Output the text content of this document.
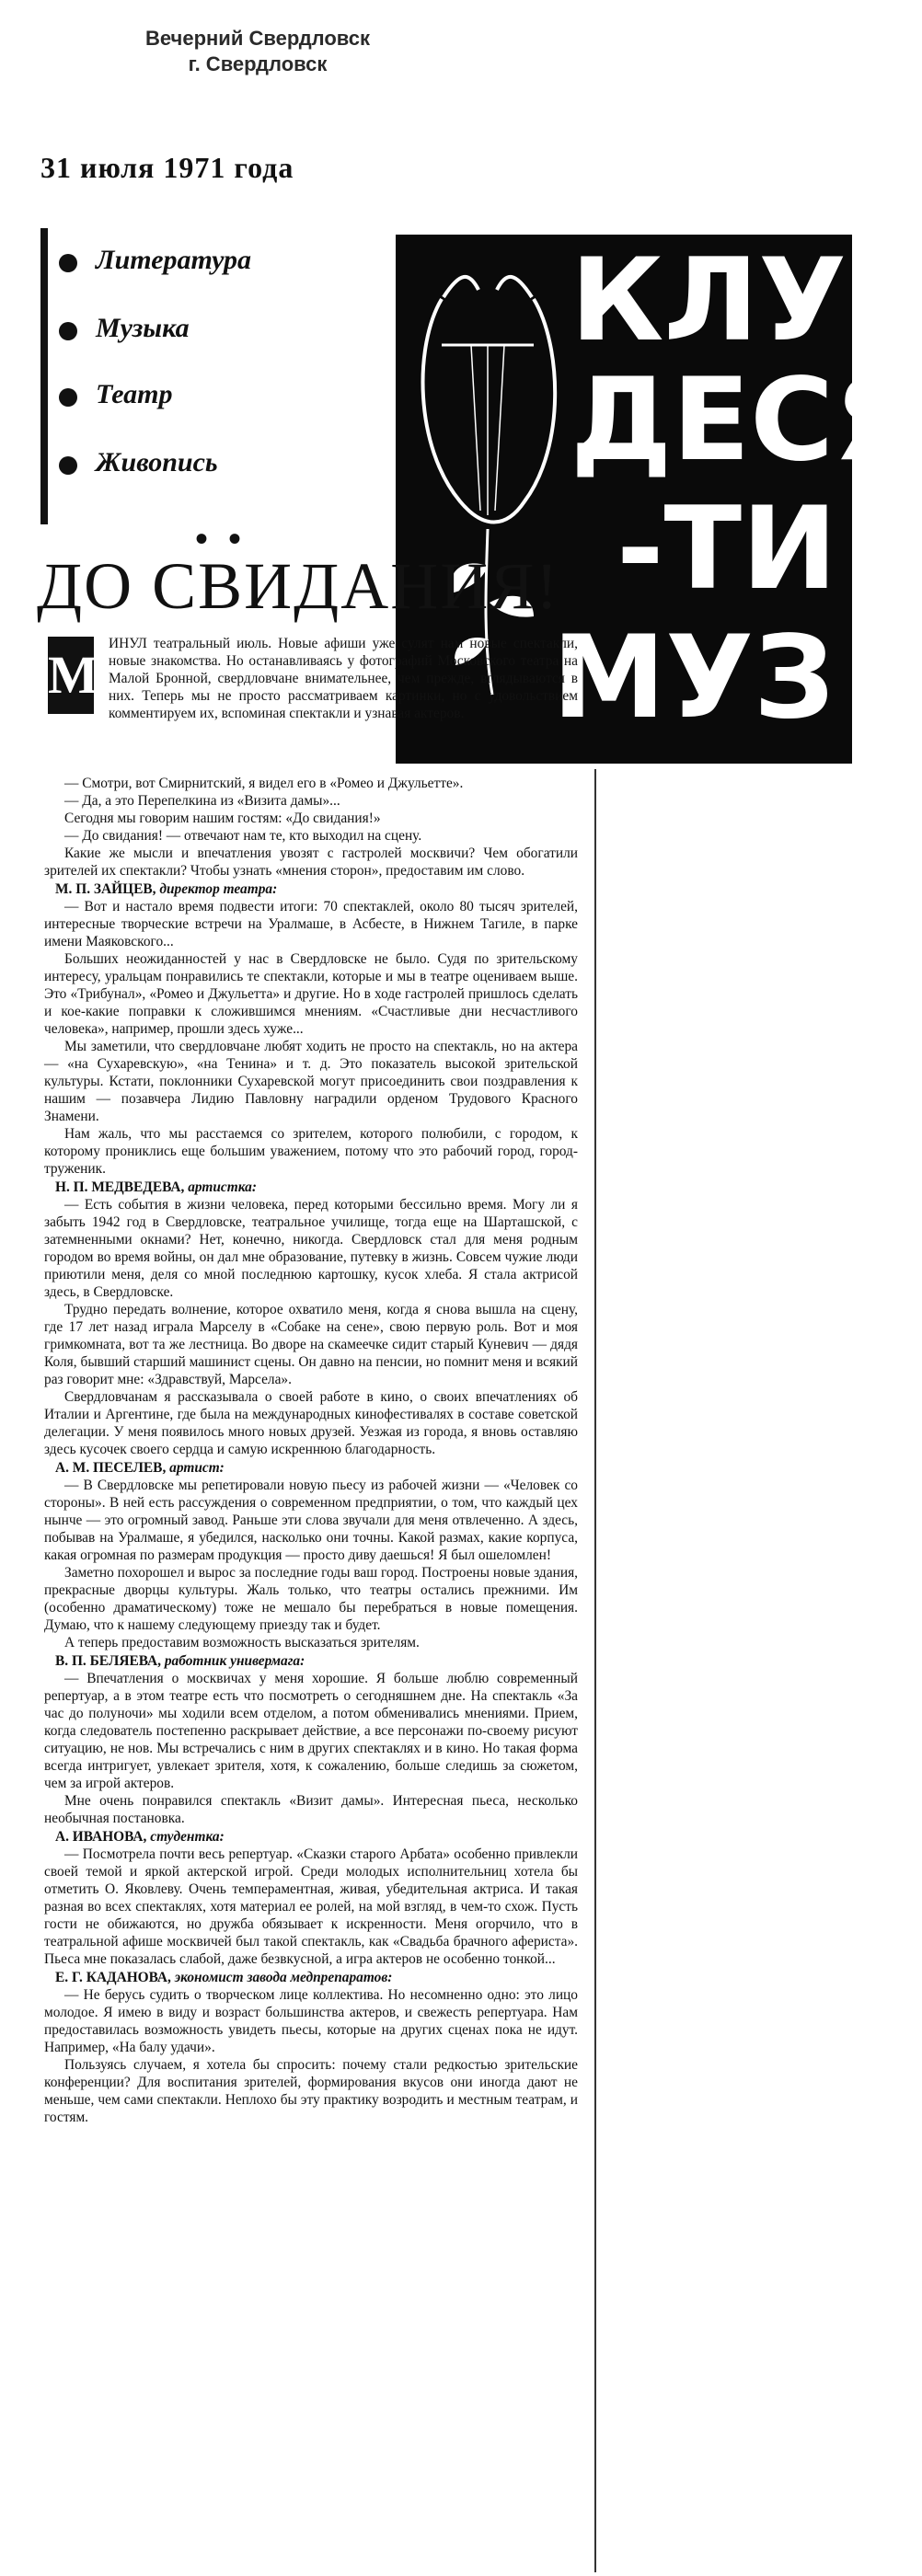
Вечерний Свердловск
г. Свердловск
31 июля 1971 года
Литература
Музыка
Театр
Живопись
• •
КЛУ
ДЕСЯ
-ТИ
МУЗ
ДО СВИДАНИЯ!
М

ИНУЛ театральный июль. Новые афиши уже сулят нам новые спектакли, новые знакомства. Но останавливаясь у фотографий Московского театра на Малой Бронной, свердловчане внимательнее, чем прежде, вглядываются в них. Теперь мы не просто рассматриваем картинки, но с удовольствием комментируем их, вспоминая спектакли и узнавая актеров.

— Смотри, вот Смирнитский, я видел его в «Ромео и Джульетте».

— Да, а это Перепелкина из «Визита дамы»...

Сегодня мы говорим нашим гостям: «До свидания!»

— До свидания! — отвечают нам те, кто выходил на сцену.

Какие же мысли и впечатления увозят с гастролей москвичи? Чем обогатили зрителей их спектакли? Чтобы узнать «мнения сторон», предоставим им слово.

М. П. ЗАЙЦЕВ, директор театра:

— Вот и настало время подвести итоги: 70 спектаклей, около 80 тысяч зрителей, интересные творческие встречи на Уралмаше, в Асбесте, в Нижнем Тагиле, в парке имени Маяковского...

Больших неожиданностей у нас в Свердловске не было. Судя по зрительскому интересу, уральцам понравились те спектакли, которые и мы в театре оцениваем выше. Это «Трибунал», «Ромео и Джульетта» и другие. Но в ходе гастролей пришлось сделать и кое-какие поправки к сложившимся мнениям. «Счастливые дни несчастливого человека», например, прошли здесь хуже...

Мы заметили, что свердловчане любят ходить не просто на спектакль, но на актера — «на Сухаревскую», «на Тенина» и т. д. Это показатель высокой зрительской культуры. Кстати, поклонники Сухаревской могут присоединить свои поздравления к нашим — позавчера Лидию Павловну наградили орденом Трудового Красного Знамени.

Нам жаль, что мы расстаемся со зрителем, которого полюбили, с городом, к которому прониклись еще большим уважением, потому что это рабочий город, город-труженик.

Н. П. МЕДВЕДЕВА, артистка:

— Есть события в жизни человека, перед которыми бессильно время. Могу ли я забыть 1942 год в Свердловске, театральное училище, тогда еще на Шарташской, с затемненными окнами? Нет, конечно, никогда. Свердловск стал для меня родным городом во время войны, он дал мне образование, путевку в жизнь. Совсем чужие люди приютили меня, деля со мной последнюю картошку, кусок хлеба. Я стала актрисой здесь, в Свердловске.

Трудно передать волнение, которое охватило меня, когда я снова вышла на сцену, где 17 лет назад играла Марселу в «Собаке на сене», свою первую роль. Вот и моя гримкомната, вот та же лестница. Во дворе на скамеечке сидит старый Куневич — дядя Коля, бывший старший машинист сцены. Он давно на пенсии, но помнит меня и всякий раз говорит мне: «Здравствуй, Марсела».

Свердловчанам я рассказывала о своей работе в кино, о своих впечатлениях об Италии и Аргентине, где была на международных кинофестивалях в составе советской делегации. У меня появилось много новых друзей. Уезжая из города, я вновь оставляю здесь кусочек своего сердца и самую искреннюю благодарность.

А. М. ПЕСЕЛЕВ, артист:

— В Свердловске мы репетировали новую пьесу из рабочей жизни — «Человек со стороны». В ней есть рассуждения о современном предприятии, о том, что каждый цех нынче — это огромный завод. Раньше эти слова звучали для меня отвлеченно. А здесь, побывав на Уралмаше, я убедился, насколько они точны. Какой размах, какие корпуса, какая огромная по размерам продукция — просто диву даешься! Я был ошеломлен!

Заметно похорошел и вырос за последние годы ваш город. Построены новые здания, прекрасные дворцы культуры. Жаль только, что театры остались прежними. Им (особенно драматическому) тоже не мешало бы перебраться в новые помещения. Думаю, что к нашему следующему приезду так и будет.

А теперь предоставим возможность высказаться зрителям.

В. П. БЕЛЯЕВА, работник универмага:

— Впечатления о москвичах у меня хорошие. Я больше люблю современный репертуар, а в этом театре есть что посмотреть о сегодняшнем дне. На спектакль «За час до полуночи» мы ходили всем отделом, а потом обменивались мнениями. Прием, когда следователь постепенно раскрывает действие, а все персонажи по-своему рисуют ситуацию, не нов. Мы встречались с ним в других спектаклях и в кино. Но такая форма всегда интригует, увлекает зрителя, хотя, к сожалению, больше следишь за сюжетом, чем за игрой актеров.

Мне очень понравился спектакль «Визит дамы». Интересная пьеса, несколько необычная постановка.

А. ИВАНОВА, студентка:

— Посмотрела почти весь репертуар. «Сказки старого Арбата» особенно привлекли своей темой и яркой актерской игрой. Среди молодых исполнительниц хотела бы отметить О. Яковлеву. Очень темпераментная, живая, убедительная актриса. И такая разная во всех спектаклях, хотя материал ее ролей, на мой взгляд, в чем-то схож. Пусть гости не обижаются, но дружба обязывает к искренности. Меня огорчило, что в театральной афише москвичей был такой спектакль, как «Свадьба брачного афериста». Пьеса мне показалась слабой, даже безвкусной, а игра актеров не особенно тонкой...

Е. Г. КАДАНОВА, экономист завода медпрепаратов:

— Не берусь судить о творческом лице коллектива. Но несомненно одно: это лицо молодое. Я имею в виду и возраст большинства актеров, и свежесть репертуара. Нам предоставилась возможность увидеть пьесы, которые на других сценах пока не идут. Например, «На балу удачи».

Пользуясь случаем, я хотела бы спросить: почему стали редкостью зрительские конференции? Для воспитания зрителей, формирования вкусов они иногда дают не меньше, чем сами спектакли. Неплохо бы эту практику возродить и местным театрам, и гостям.
